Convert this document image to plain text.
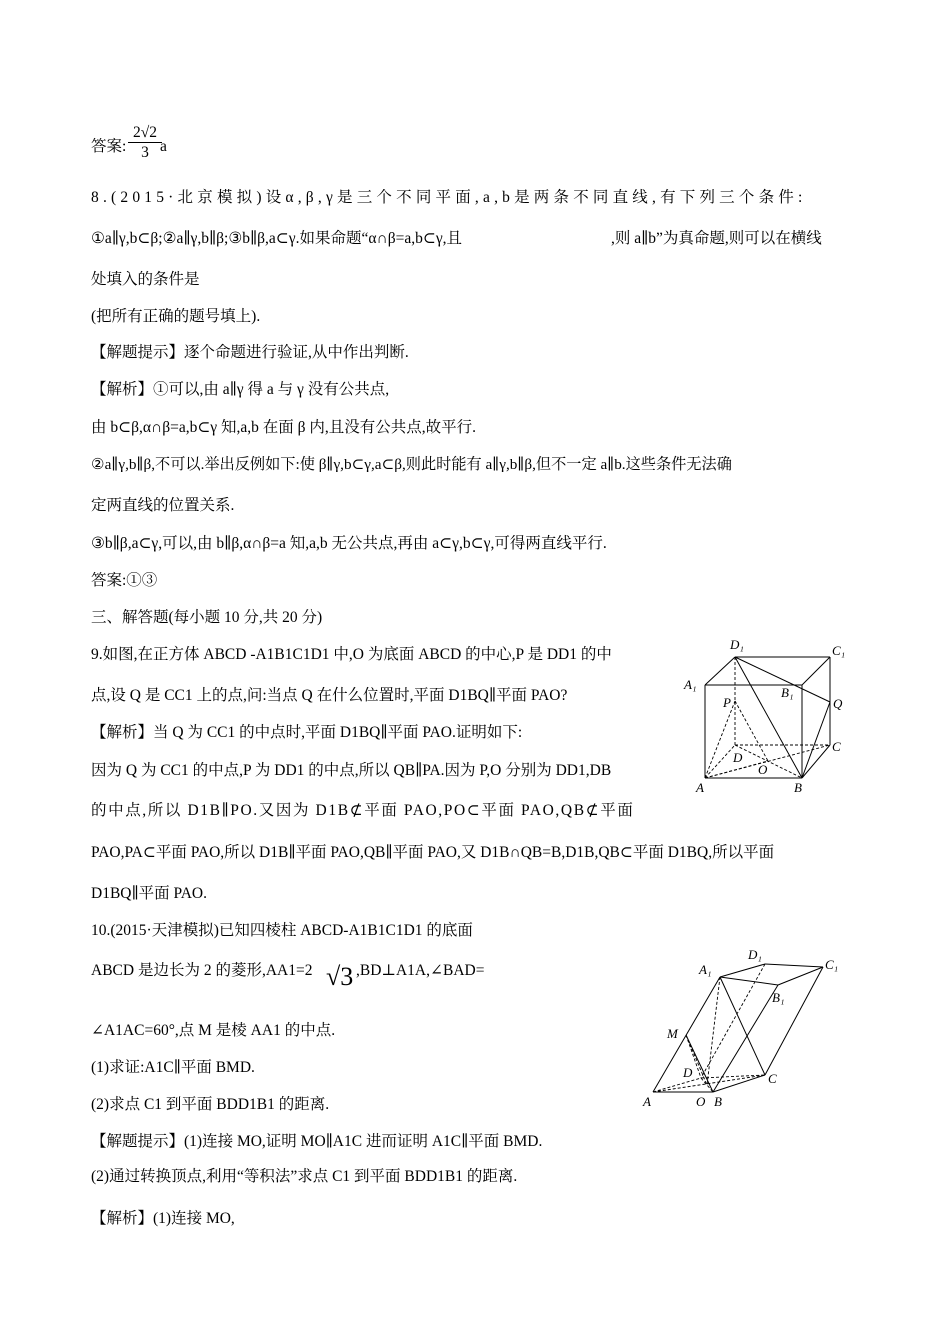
答案: $\frac{2√2}{3}$
a
8.(2015·北京模拟)设α,β,γ是三个不同平面,a,b是两条不同直线,有下列三个条件:
①a∥γ,b⊂β;②a∥γ,b∥β;③b∥β,a⊂γ.如果命题“α∩β=a,b⊂γ,且	,则 a∥b”为真命题,则可以在横线
处填入的条件是
(把所有正确的题号填上).
【解题提示】逐个命题进行验证,从中作出判断.
【解析】①可以,由 a∥γ 得 a 与 γ 没有公共点,
由 b⊂β,α∩β=a,b⊂γ 知,a,b 在面 β 内,且没有公共点,故平行.
②a∥γ,b∥β,不可以.举出反例如下:使 β∥γ,b⊂γ,a⊂β,则此时能有 a∥γ,b∥β,但不一定 a∥b.这些条件无法确
定两直线的位置关系.
③b∥β,a⊂γ,可以,由 b∥β,α∩β=a 知,a,b 无公共点,再由 a⊂γ,b⊂γ,可得两直线平行.
答案:①③
三、解答题(每小题 10 分,共 20 分)
9.如图,在正方体 ABCD -A1B1C1D1 中,O 为底面 ABCD 的中心,P 是 DD1 的中
点,设 Q 是 CC1 上的点,问:当点 Q 在什么位置时,平面 D1BQ∥平面 PAO?
【解析】当 Q 为 CC1 的中点时,平面 D1BQ∥平面 PAO.证明如下:
因为 Q 为 CC1 的中点,P 为 DD1 的中点,所以 QB∥PA.因为 P,O 分别为 DD1,DB
的中点,所以 D1B∥PO.又因为 D1B⊄平面 PAO,PO⊂平面 PAO,QB⊄平面
PAO,PA⊂平面 PAO,所以 D1B∥平面 PAO,QB∥平面 PAO,又 D1B∩QB=B,D1B,QB⊂平面 D1BQ,所以平面
D1BQ∥平面 PAO.
10.(2015·天津模拟)已知四棱柱 ABCD-A1B1C1D1 的底面
ABCD 是边长为 2 的菱形,AA1=2 √3 ,BD⊥A1A,∠BAD=
∠A1AC=60°,点 M 是棱 AA1 的中点.
(1)求证:A1C∥平面 BMD.
(2)求点 C1 到平面 BDD1B1 的距离.
【解题提示】(1)连接 MO,证明 MO∥A1C 进而证明 A1C∥平面 BMD.
(2)通过转换顶点,利用“等积法”求点 C1 到平面 BDD1B1 的距离.
【解析】(1)连接 MO,
D₁	C₁
A₁
B₁
P	Q
C
D
O
A	B
D₁
C₁
A₁
B₁
M
D	C
A	O B
